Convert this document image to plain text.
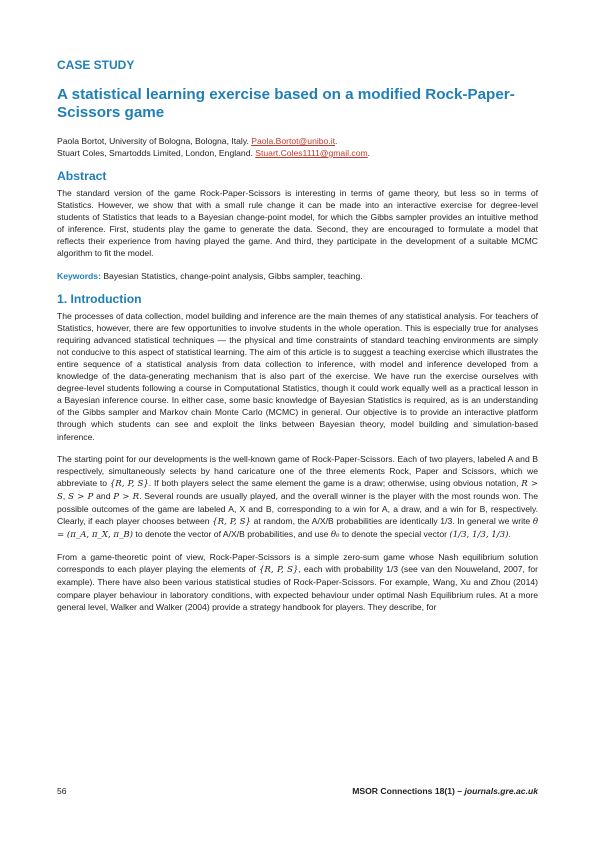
CASE STUDY
A statistical learning exercise based on a modified Rock-Paper-Scissors game

Paola Bortot, University of Bologna, Bologna, Italy. Paola.Bortot@unibo.it.

Stuart Coles, Smartodds Limited, London, England. Stuart.Coles1111@gmail.com.

Abstract

The standard version of the game Rock-Paper-Scissors is interesting in terms of game theory, but less so in terms of Statistics. However, we show that with a small rule change it can be made into an interactive exercise for degree-level students of Statistics that leads to a Bayesian change-point model, for which the Gibbs sampler provides an intuitive method of inference. First, students play the game to generate the data. Second, they are encouraged to formulate a model that reflects their experience from having played the game. And third, they participate in the development of a suitable MCMC algorithm to fit the model.

Keywords: Bayesian Statistics, change-point analysis, Gibbs sampler, teaching.

1. Introduction

The processes of data collection, model building and inference are the main themes of any statistical analysis. For teachers of Statistics, however, there are few opportunities to involve students in the whole operation. This is especially true for analyses requiring advanced statistical techniques — the physical and time constraints of standard teaching environments are simply not conducive to this aspect of statistical learning. The aim of this article is to suggest a teaching exercise which illustrates the entire sequence of a statistical analysis from data collection to inference, with model and inference developed from a knowledge of the data-generating mechanism that is also part of the exercise. We have run the exercise ourselves with degree-level students following a course in Computational Statistics, though it could work equally well as a practical lesson in a Bayesian inference course. In either case, some basic knowledge of Bayesian Statistics is required, as is an understanding of the Gibbs sampler and Markov chain Monte Carlo (MCMC) in general. Our objective is to provide an interactive platform through which students can see and exploit the links between Bayesian theory, model building and simulation-based inference.

The starting point for our developments is the well-known game of Rock-Paper-Scissors. Each of two players, labeled A and B respectively, simultaneously selects by hand caricature one of the three elements Rock, Paper and Scissors, which we abbreviate to {R, P, S}. If both players select the same element the game is a draw; otherwise, using obvious notation, R > S, S > P and P > R. Several rounds are usually played, and the overall winner is the player with the most rounds won. The possible outcomes of the game are labeled A, X and B, corresponding to a win for A, a draw, and a win for B, respectively. Clearly, if each player chooses between {R, P, S} at random, the A/X/B probabilities are identically 1/3. In general we write θ = (π_A, π_X, π_B) to denote the vector of A/X/B probabilities, and use θ₀ to denote the special vector (1/3, 1/3, 1/3).

From a game-theoretic point of view, Rock-Paper-Scissors is a simple zero-sum game whose Nash equilibrium solution corresponds to each player playing the elements of {R, P, S}, each with probability 1/3 (see van den Nouweland, 2007, for example). There have also been various statistical studies of Rock-Paper-Scissors. For example, Wang, Xu and Zhou (2014) compare player behaviour in laboratory conditions, with expected behaviour under optimal Nash Equilibrium rules. At a more general level, Walker and Walker (2004) provide a strategy handbook for players. They describe, for

56	MSOR Connections 18(1) – journals.gre.ac.uk
